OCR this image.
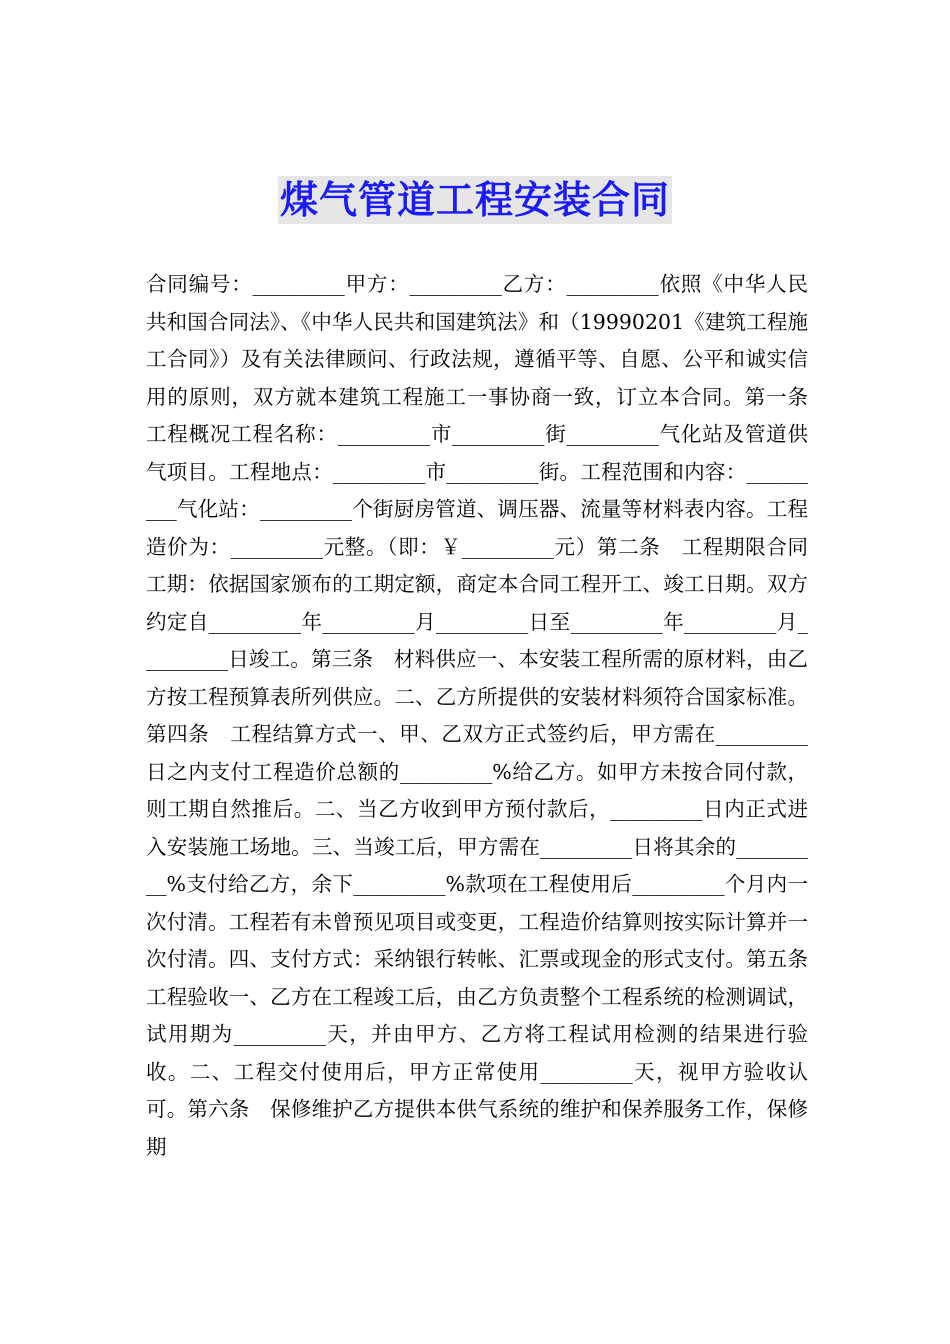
煤气管道工程安装合同
合同编号：_________甲方：_________乙方：_________依照《中华人民共和国合同法》、《中华人民共和国建筑法》和（19990201《建筑工程施工合同》）及有关法律顾问、行政法规，遵循平等、自愿、公平和诚实信用的原则，双方就本建筑工程施工一事协商一致，订立本合同。第一条　工程概况工程名称：_________市_________街_________气化站及管道供气项目。工程地点：_________市_________街。工程范围和内容：_________气化站：_________个街厨房管道、调压器、流量等材料表内容。工程造价为：_________元整。（即：￥_________元）第二条　工程期限合同工期：依据国家颁布的工期定额，商定本合同工程开工、竣工日期。双方约定自_________年_________月_________日至_________年_________月_________日竣工。第三条　材料供应一、本安装工程所需的原材料，由乙方按工程预算表所列供应。二、乙方所提供的安装材料须符合国家标准。第四条　工程结算方式一、甲、乙双方正式签约后，甲方需在_________日之内支付工程造价总额的_________%给乙方。如甲方未按合同付款，则工期自然推后。二、当乙方收到甲方预付款后，_________日内正式进入安装施工场地。三、当竣工后，甲方需在_________日将其余的_________%支付给乙方，余下_________%款项在工程使用后_________个月内一次付清。工程若有未曾预见项目或变更，工程造价结算则按实际计算并一次付清。四、支付方式：采纳银行转帐、汇票或现金的形式支付。第五条　工程验收一、乙方在工程竣工后，由乙方负责整个工程系统的检测调试，试用期为_________天，并由甲方、乙方将工程试用检测的结果进行验收。二、工程交付使用后，甲方正常使用_________天，视甲方验收认可。第六条　保修维护乙方提供本供气系统的维护和保养服务工作，保修期
